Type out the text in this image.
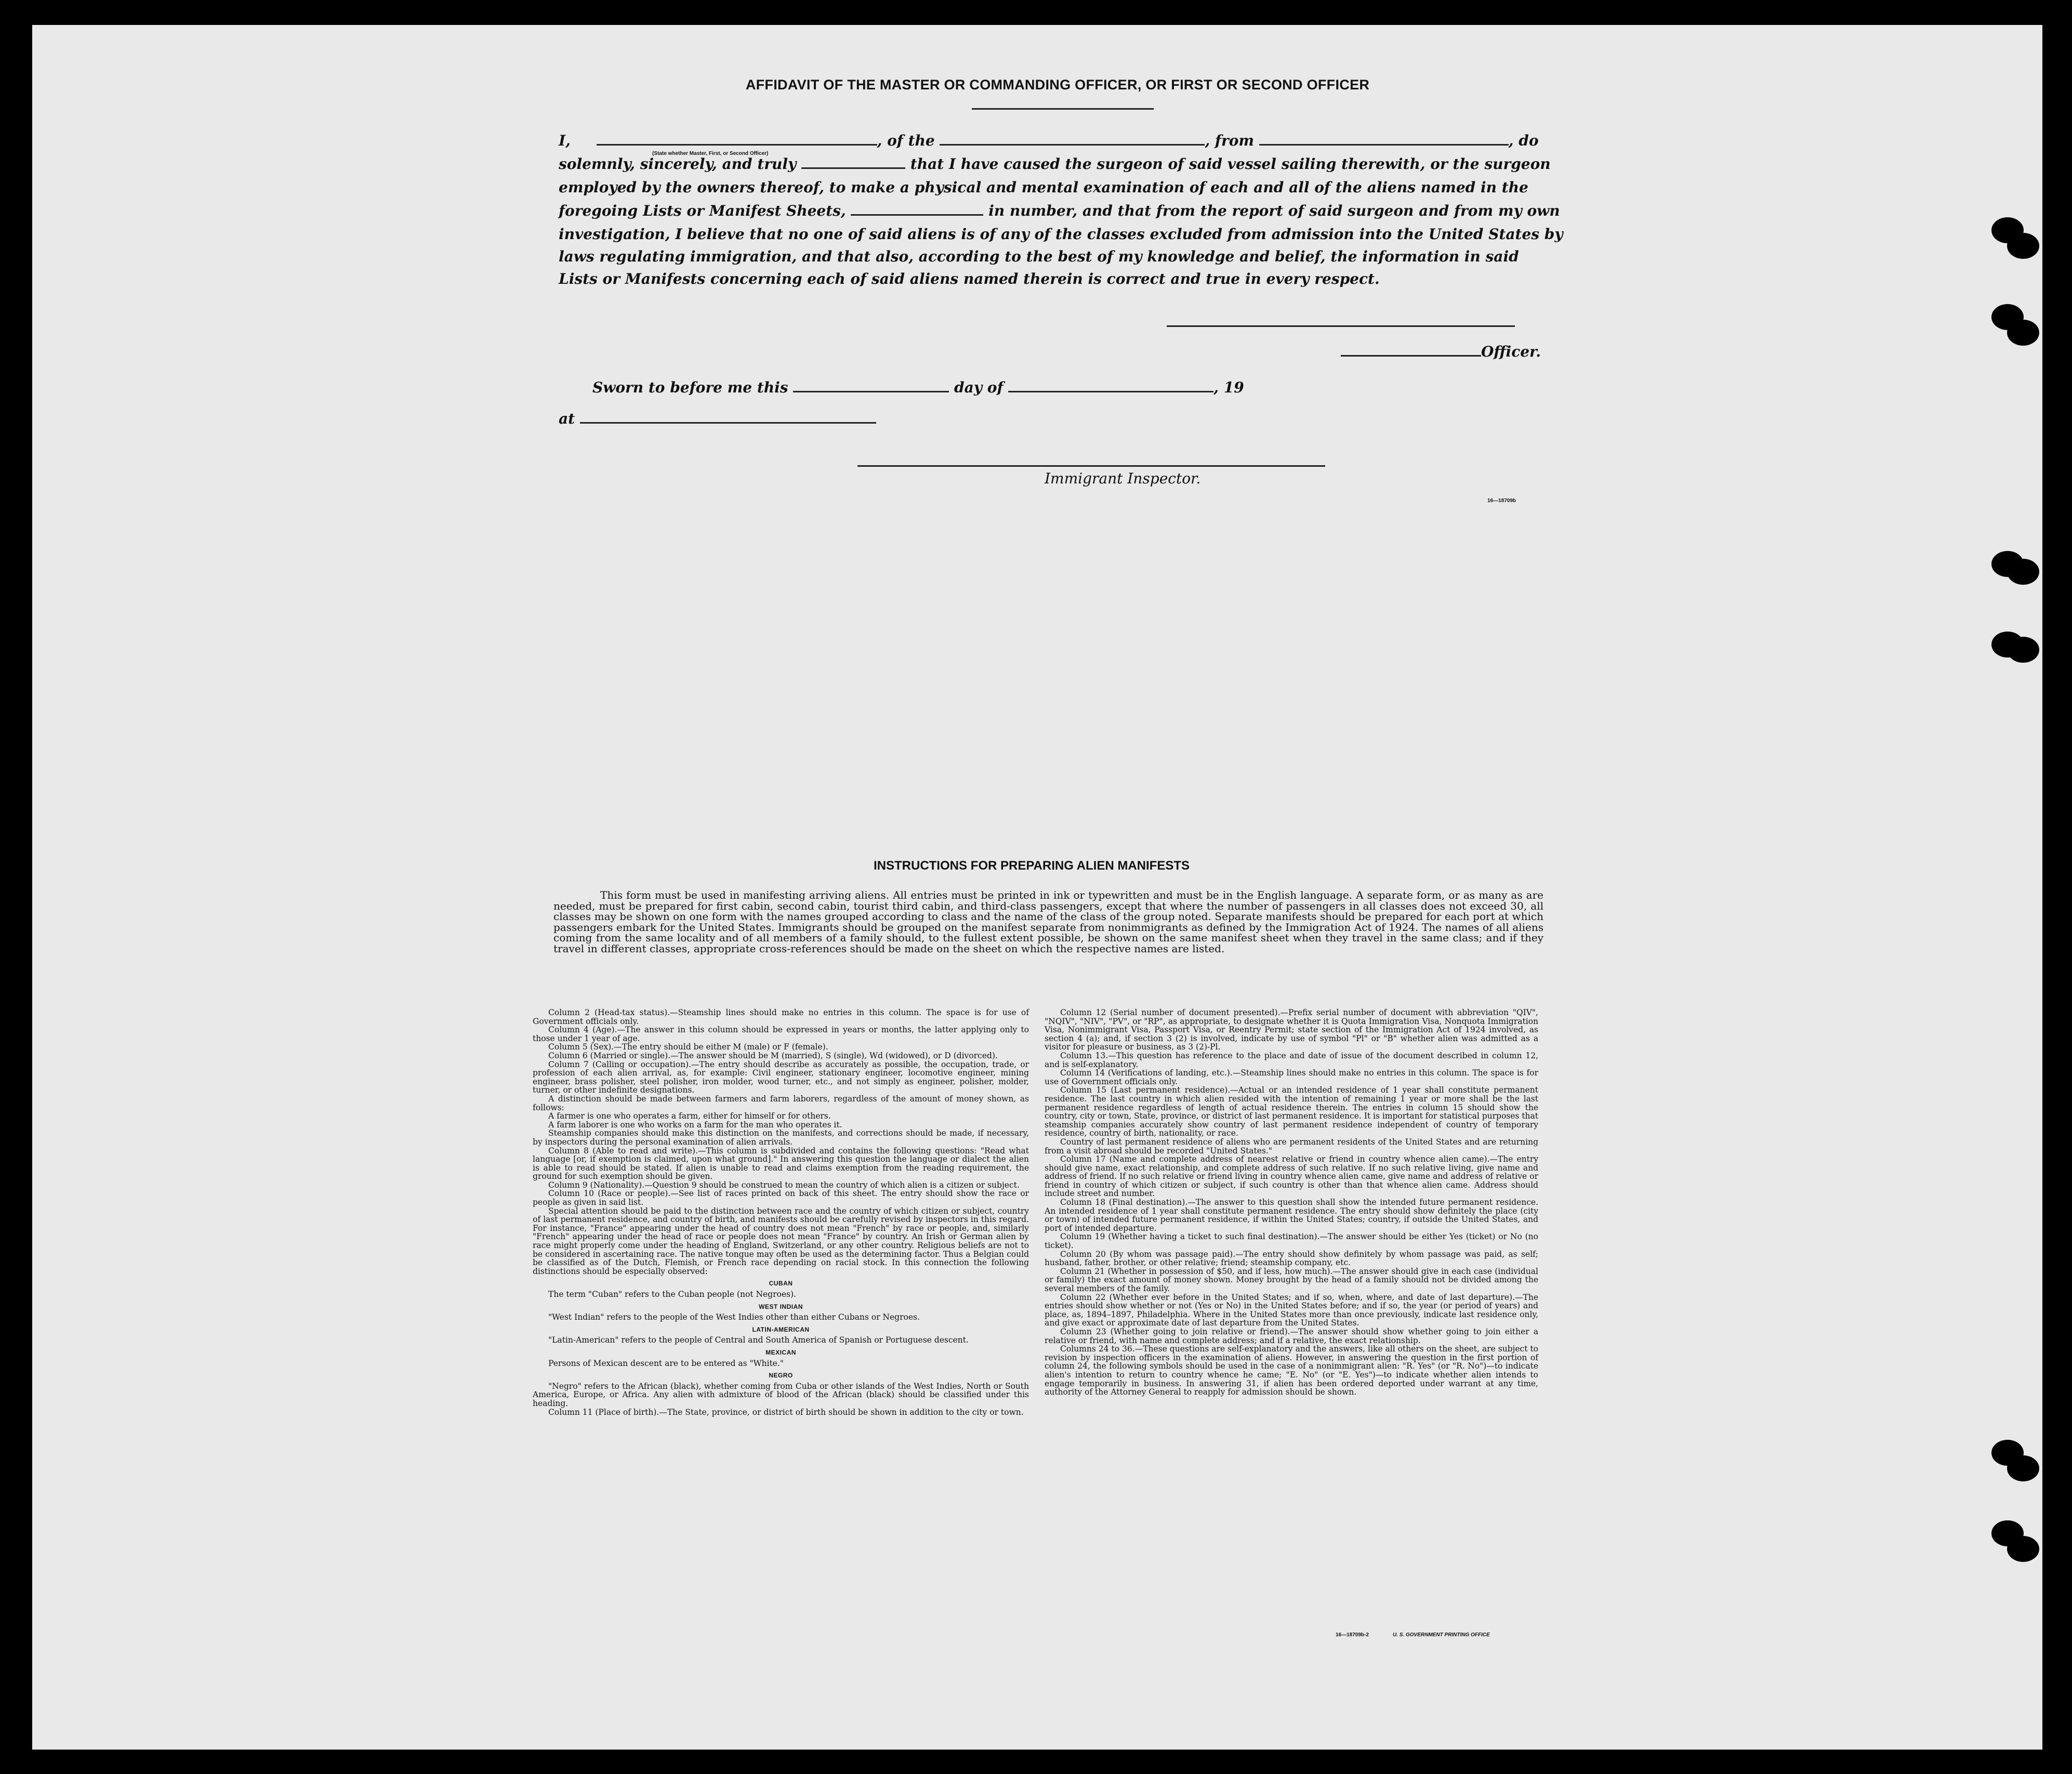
AFFIDAVIT OF THE MASTER OR COMMANDING OFFICER, OR FIRST OR SECOND OFFICER
I,	, of the	, from	, do
(State whether Master, First, or Second Officer)
solemnly, sincerely, and truly	that I have caused the surgeon of said vessel sailing therewith, or the surgeon
employed by the owners thereof, to make a physical and mental examination of each and all of the aliens named in the
foregoing Lists or Manifest Sheets,	in number, and that from the report of said surgeon and from my own
investigation, I believe that no one of said aliens is of any of the classes excluded from admission into the United States by
laws regulating immigration, and that also, according to the best of my knowledge and belief, the information in said
Lists or Manifests concerning each of said aliens named therein is correct and true in every respect.
Officer.
Sworn to before me this	day of	, 19
at
Immigrant Inspector.
16—18709b
INSTRUCTIONS FOR PREPARING ALIEN MANIFESTS
This form must be used in manifesting arriving aliens. All entries must be printed in ink or typewritten and must be in the English language. A separate form, or as many as are needed, must be prepared for first cabin, second cabin, tourist third cabin, and third-class passengers, except that where the number of passengers in all classes does not exceed 30, all classes may be shown on one form with the names grouped according to class and the name of the class of the group noted. Separate manifests should be prepared for each port at which passengers embark for the United States. Immigrants should be grouped on the manifest separate from nonimmigrants as defined by the Immigration Act of 1924. The names of all aliens coming from the same locality and of all members of a family should, to the fullest extent possible, be shown on the same manifest sheet when they travel in the same class; and if they travel in different classes, appropriate cross-references should be made on the sheet on which the respective names are listed.

Column 2 (Head-tax status).—Steamship lines should make no entries in this column. The space is for use of Government officials only.

Column 4 (Age).—The answer in this column should be expressed in years or months, the latter applying only to those under 1 year of age.

Column 5 (Sex).—The entry should be either M (male) or F (female).

Column 6 (Married or single).—The answer should be M (married), S (single), Wd (widowed), or D (divorced).

Column 7 (Calling or occupation).—The entry should describe as accurately as possible, the occupation, trade, or profession of each alien arrival, as, for example: Civil engineer, stationary engineer, locomotive engineer, mining engineer, brass polisher, steel polisher, iron molder, wood turner, etc., and not simply as engineer, polisher, molder, turner, or other indefinite designations.

A distinction should be made between farmers and farm laborers, regardless of the amount of money shown, as follows:

A farmer is one who operates a farm, either for himself or for others.

A farm laborer is one who works on a farm for the man who operates it.

Steamship companies should make this distinction on the manifests, and corrections should be made, if necessary, by inspectors during the personal examination of alien arrivals.

Column 8 (Able to read and write).—This column is subdivided and contains the following questions: "Read what language [or, if exemption is claimed, upon what ground]." In answering this question the language or dialect the alien is able to read should be stated. If alien is unable to read and claims exemption from the reading requirement, the ground for such exemption should be given.

Column 9 (Nationality).—Question 9 should be construed to mean the country of which alien is a citizen or subject.

Column 10 (Race or people).—See list of races printed on back of this sheet. The entry should show the race or people as given in said list.

Special attention should be paid to the distinction between race and the country of which citizen or subject, country of last permanent residence, and country of birth, and manifests should be carefully revised by inspectors in this regard. For instance, "France" appearing under the head of country does not mean "French" by race or people, and, similarly "French" appearing under the head of race or people does not mean "France" by country. An Irish or German alien by race might properly come under the heading of England, Switzerland, or any other country. Religious beliefs are not to be considered in ascertaining race. The native tongue may often be used as the determining factor. Thus a Belgian could be classified as of the Dutch, Flemish, or French race depending on racial stock. In this connection the following distinctions should be especially observed:

CUBAN

The term "Cuban" refers to the Cuban people (not Negroes).

WEST INDIAN

"West Indian" refers to the people of the West Indies other than either Cubans or Negroes.

LATIN-AMERICAN

"Latin-American" refers to the people of Central and South America of Spanish or Portuguese descent.

MEXICAN

Persons of Mexican descent are to be entered as "White."

NEGRO

"Negro" refers to the African (black), whether coming from Cuba or other islands of the West Indies, North or South America, Europe, or Africa. Any alien with admixture of blood of the African (black) should be classified under this heading.

Column 11 (Place of birth).—The State, province, or district of birth should be shown in addition to the city or town.

Column 12 (Serial number of document presented).—Prefix serial number of document with abbreviation "QIV", "NQIV", "NIV", "PV", or "RP", as appropriate, to designate whether it is Quota Immigration Visa, Nonquota Immigration Visa, Nonimmigrant Visa, Passport Visa, or Reentry Permit; state section of the Immigration Act of 1924 involved, as section 4 (a); and, if section 3 (2) is involved, indicate by use of symbol "Pl" or "B" whether alien was admitted as a visitor for pleasure or business, as 3 (2)-Pl.

Column 13.—This question has reference to the place and date of issue of the document described in column 12, and is self-explanatory.

Column 14 (Verifications of landing, etc.).—Steamship lines should make no entries in this column. The space is for use of Government officials only.

Column 15 (Last permanent residence).—Actual or an intended residence of 1 year shall constitute permanent residence. The last country in which alien resided with the intention of remaining 1 year or more shall be the last permanent residence regardless of length of actual residence therein. The entries in column 15 should show the country, city or town, State, province, or district of last permanent residence. It is important for statistical purposes that steamship companies accurately show country of last permanent residence independent of country of temporary residence, country of birth, nationality, or race.

Country of last permanent residence of aliens who are permanent residents of the United States and are returning from a visit abroad should be recorded "United States."

Column 17 (Name and complete address of nearest relative or friend in country whence alien came).—The entry should give name, exact relationship, and complete address of such relative. If no such relative living, give name and address of friend. If no such relative or friend living in country whence alien came, give name and address of relative or friend in country of which citizen or subject, if such country is other than that whence alien came. Address should include street and number.

Column 18 (Final destination).—The answer to this question shall show the intended future permanent residence. An intended residence of 1 year shall constitute permanent residence. The entry should show definitely the place (city or town) of intended future permanent residence, if within the United States; country, if outside the United States, and port of intended departure.

Column 19 (Whether having a ticket to such final destination).—The answer should be either Yes (ticket) or No (no ticket).

Column 20 (By whom was passage paid).—The entry should show definitely by whom passage was paid, as self; husband, father, brother, or other relative; friend; steamship company, etc.

Column 21 (Whether in possession of $50, and if less, how much).—The answer should give in each case (individual or family) the exact amount of money shown. Money brought by the head of a family should not be divided among the several members of the family.

Column 22 (Whether ever before in the United States; and if so, when, where, and date of last departure).—The entries should show whether or not (Yes or No) in the United States before; and if so, the year (or period of years) and place, as, 1894–1897, Philadelphia. Where in the United States more than once previously, indicate last residence only, and give exact or approximate date of last departure from the United States.

Column 23 (Whether going to join relative or friend).—The answer should show whether going to join either a relative or friend, with name and complete address; and if a relative, the exact relationship.

Columns 24 to 36.—These questions are self-explanatory and the answers, like all others on the sheet, are subject to revision by inspection officers in the examination of aliens. However, in answering the question in the first portion of column 24, the following symbols should be used in the case of a nonimmigrant alien: "R. Yes" (or "R. No")—to indicate alien's intention to return to country whence he came; "E. No" (or "E. Yes")—to indicate whether alien intends to engage temporarily in business. In answering 31, if alien has been ordered deported under warrant at any time, authority of the Attorney General to reapply for admission should be shown.

16—18709b-2	U. S. GOVERNMENT PRINTING OFFICE
